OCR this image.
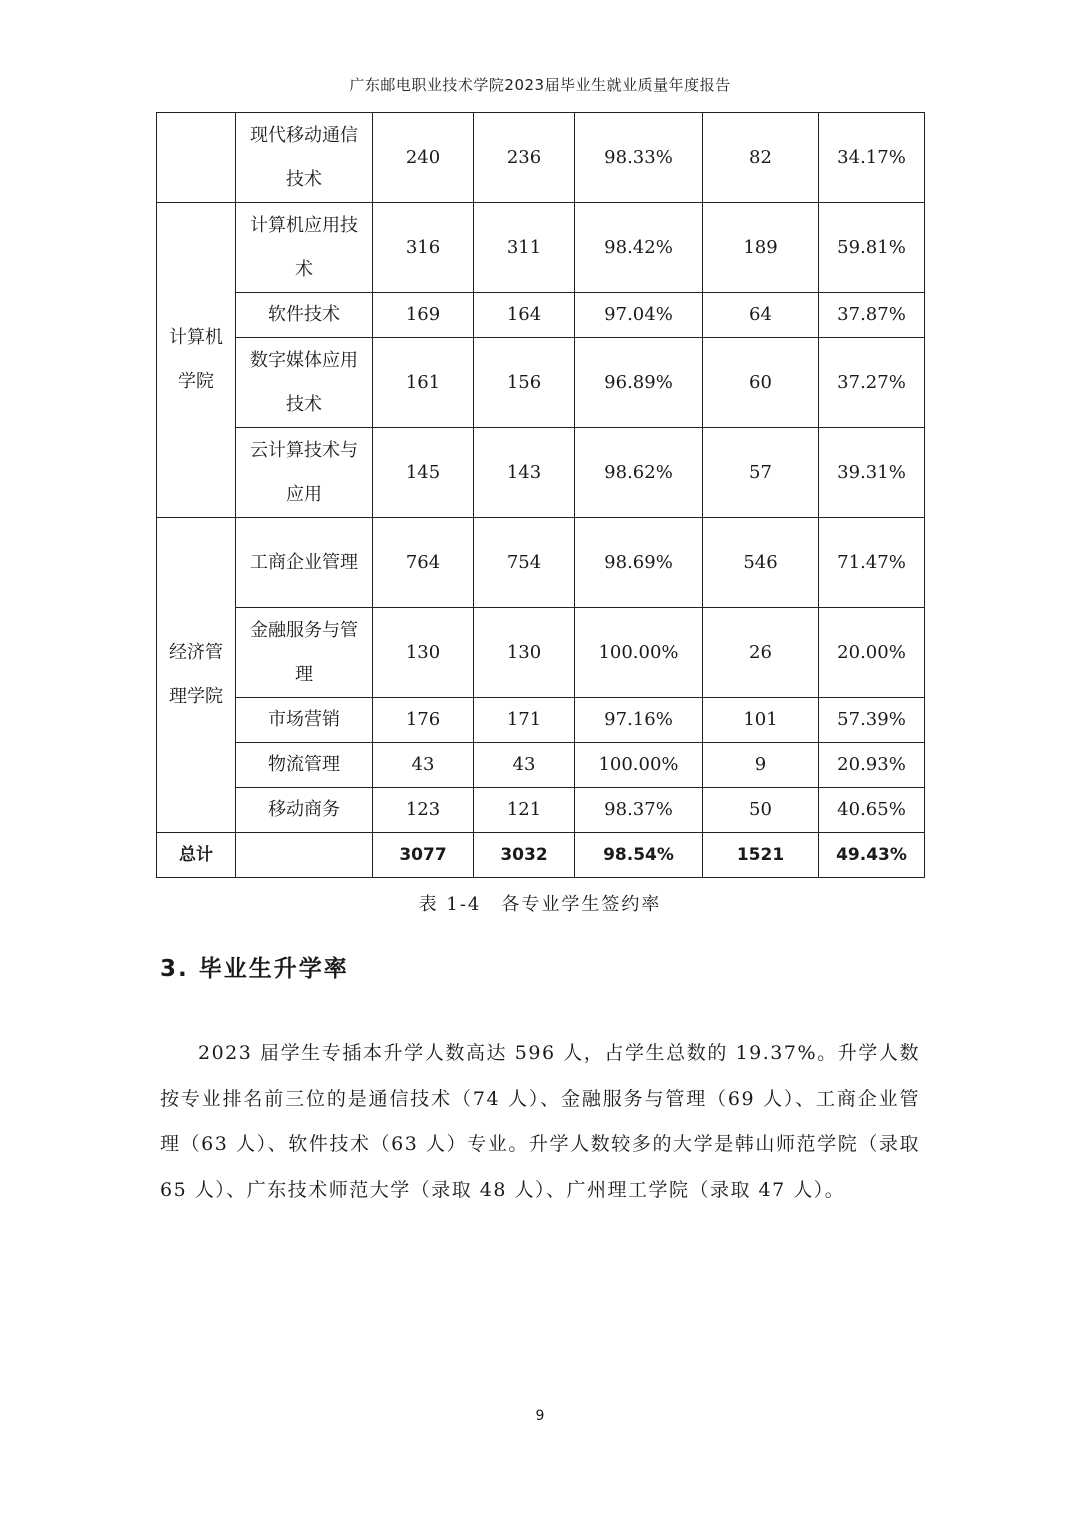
广东邮电职业技术学院2023届毕业生就业质量年度报告
	现代移动通信技术	240	236	98.33%	82	34.17%
计算机学院	计算机应用技术	316	311	98.42%	189	59.81%
	软件技术	169	164	97.04%	64	37.87%
	数字媒体应用技术	161	156	96.89%	60	37.27%
	云计算技术与应用	145	143	98.62%	57	39.31%
经济管理学院	工商企业管理	764	754	98.69%	546	71.47%
	金融服务与管理	130	130	100.00%	26	20.00%
	市场营销	176	171	97.16%	101	57.39%
	物流管理	43	43	100.00%	9	20.93%
	移动商务	123	121	98.37%	50	40.65%
总计		3077	3032	98.54%	1521	49.43%
表 1-4　各专业学生签约率
3. 毕业生升学率

2023 届学生专插本升学人数高达 596 人，占学生总数的 19.37%。升学人数按专业排名前三位的是通信技术（74 人）、金融服务与管理（69 人）、工商企业管理（63 人）、软件技术（63 人）专业。升学人数较多的大学是韩山师范学院（录取 65 人）、广东技术师范大学（录取 48 人）、广州理工学院（录取 47 人）。

9
